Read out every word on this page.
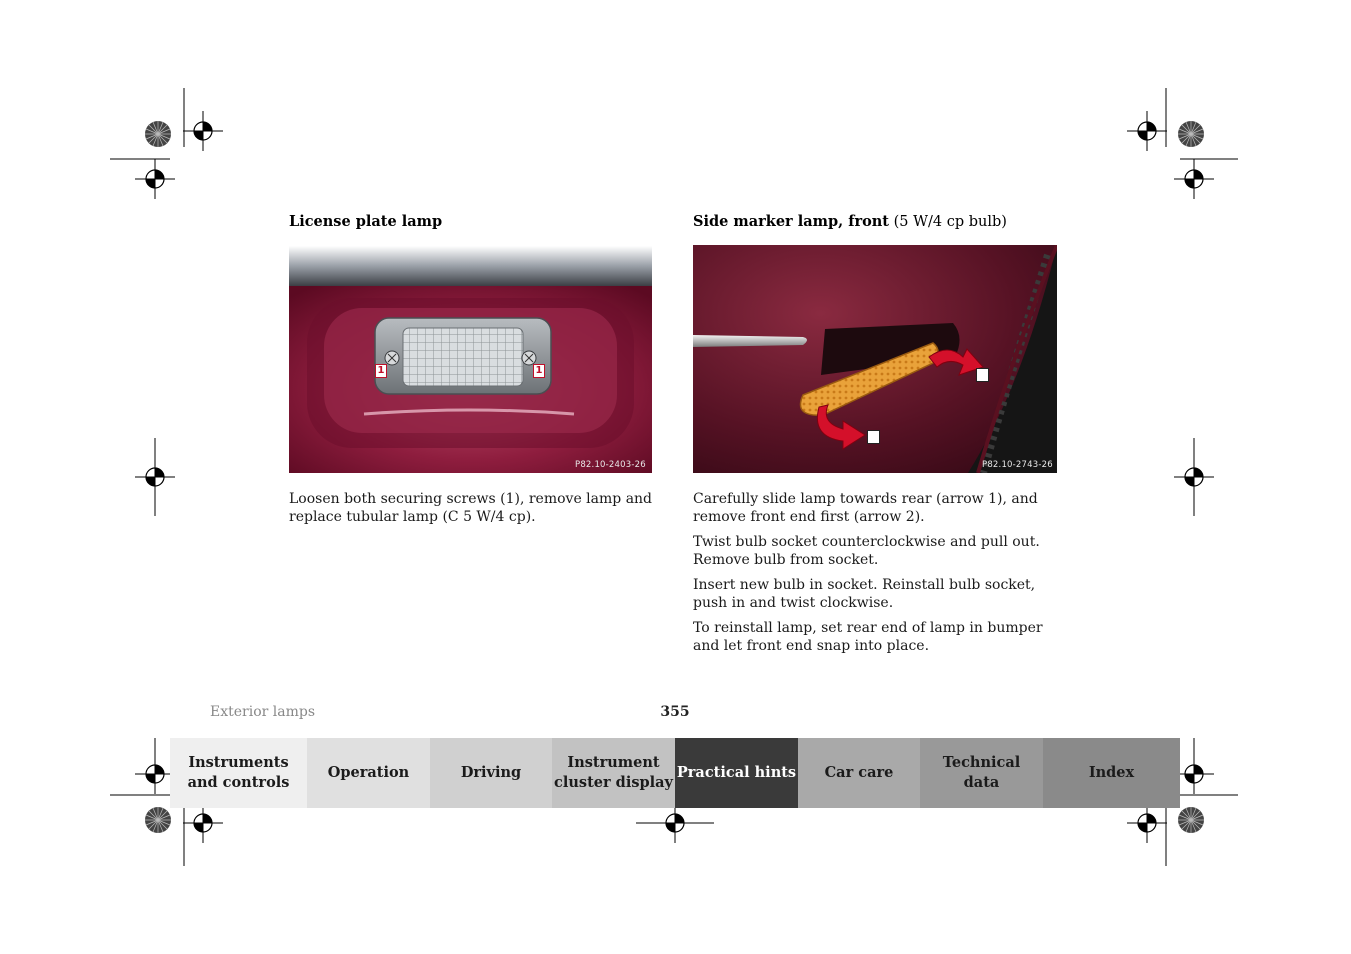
License plate lamp
1	1
P82.10-2403-26

Loosen both securing screws (1), remove lamp and replace tubular lamp (C 5 W/4 cp).

Side marker lamp, front (5 W/4 cp bulb)
P82.10-2743-26

Carefully slide lamp towards rear (arrow 1), and remove front end first (arrow 2).

Twist bulb socket counterclockwise and pull out. Remove bulb from socket.

Insert new bulb in socket. Reinstall bulb socket, push in and twist clockwise.

To reinstall lamp, set rear end of lamp in bumper and let front end snap into place.

Exterior lamps	355
Instruments
and controls
Operation	Driving
Instrument
cluster display
Practical hints Car care
Technical
data
Index
